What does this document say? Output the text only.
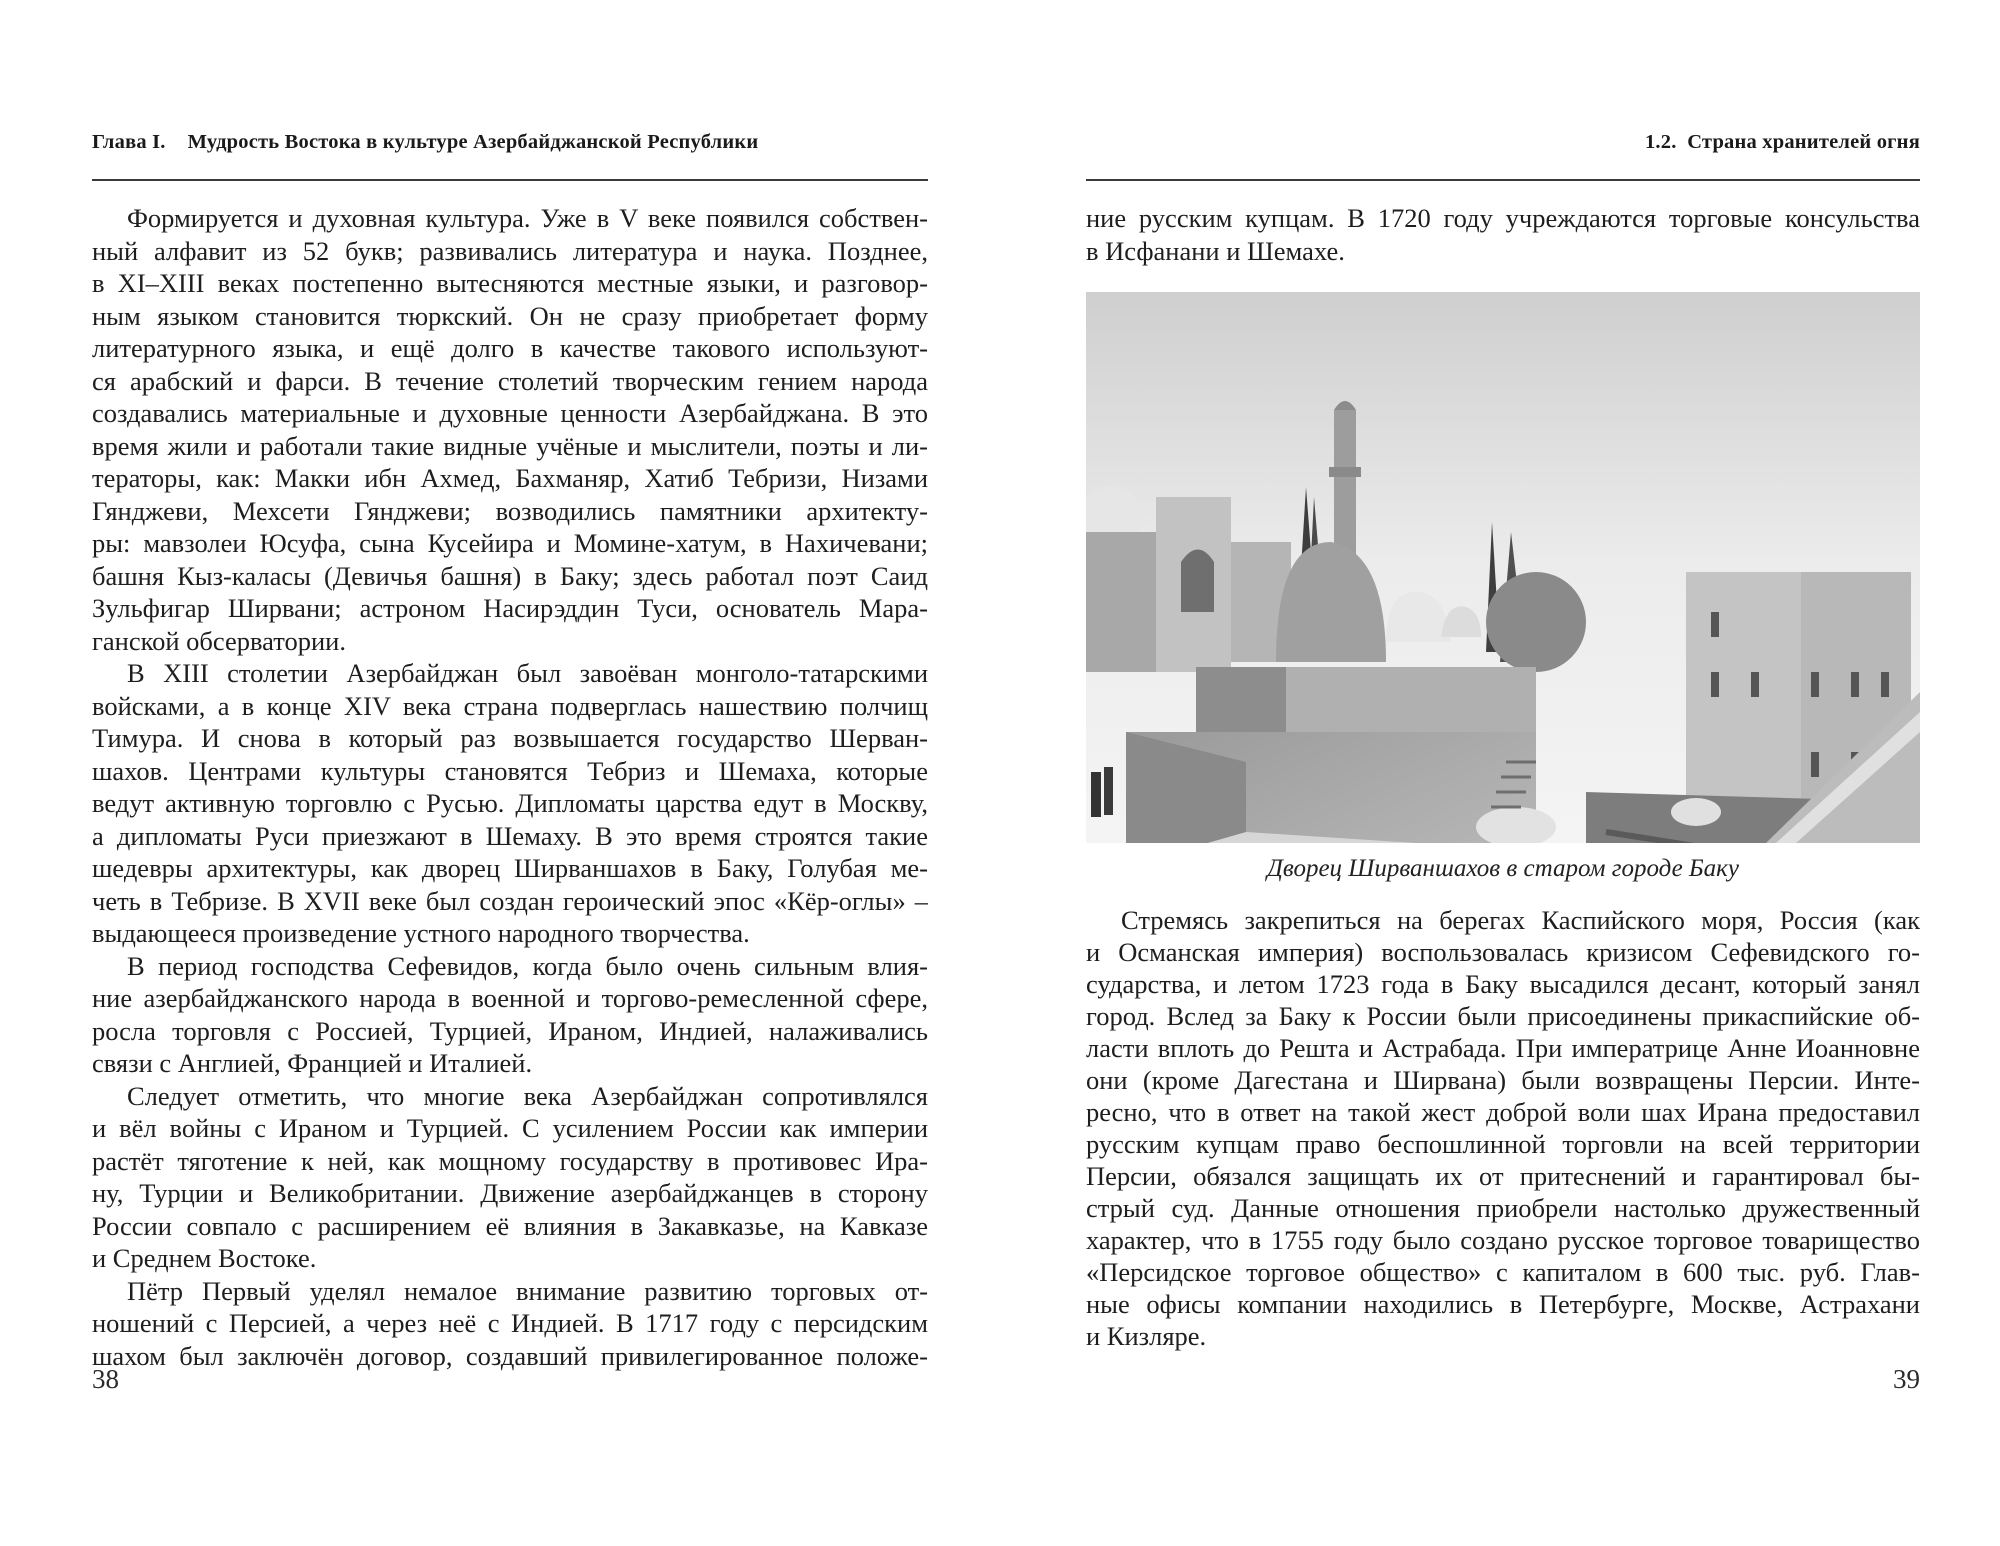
Глава I. Мудрость Востока в культуре Азербайджанской Республики
Формируется и духовная культура. Уже в V веке появился собствен-
ный алфавит из 52 букв; развивались литература и наука. Позднее,
в XI–XIII веках постепенно вытесняются местные языки, и разговор-
ным языком становится тюркский. Он не сразу приобретает форму
литературного языка, и ещё долго в качестве такового используют-
ся арабский и фарси. В течение столетий творческим гением народа
создавались материальные и духовные ценности Азербайджана. В это
время жили и работали такие видные учёные и мыслители, поэты и ли-
тераторы, как: Макки ибн Ахмед, Бахманяр, Хатиб Тебризи, Низами
Гянджеви, Мехсети Гянджеви; возводились памятники архитекту-
ры: мавзолеи Юсуфа, сына Кусейира и Момине-хатум, в Нахичевани;
башня Кыз-каласы (Девичья башня) в Баку; здесь работал поэт Саид
Зульфигар Ширвани; астроном Насирэддин Туси, основатель Мара-
ганской обсерватории.
В XIII столетии Азербайджан был завоёван монголо-татарскими
войсками, а в конце XIV века страна подверглась нашествию полчищ
Тимура. И снова в который раз возвышается государство Шерван-
шахов. Центрами культуры становятся Тебриз и Шемаха, которые
ведут активную торговлю с Русью. Дипломаты царства едут в Москву,
а дипломаты Руси приезжают в Шемаху. В это время строятся такие
шедевры архитектуры, как дворец Ширваншахов в Баку, Голубая ме-
четь в Тебризе. В XVII веке был создан героический эпос «Кёр-оглы» –
выдающееся произведение устного народного творчества.
В период господства Сефевидов, когда было очень сильным влия-
ние азербайджанского народа в военной и торгово-ремесленной сфере,
росла торговля с Россией, Турцией, Ираном, Индией, налаживались
связи с Англией, Францией и Италией.
Следует отметить, что многие века Азербайджан сопротивлялся
и вёл войны с Ираном и Турцией. С усилением России как империи
растёт тяготение к ней, как мощному государству в противовес Ира-
ну, Турции и Великобритании. Движение азербайджанцев в сторону
России совпало с расширением её влияния в Закавказье, на Кавказе
и Среднем Востоке.
Пётр Первый уделял немалое внимание развитию торговых от-
ношений с Персией, а через неё с Индией. В 1717 году с персидским
шахом был заключён договор, создавший привилегированное положе-
38
1.2. Страна хранителей огня
ние русским купцам. В 1720 году учреждаются торговые консульства
в Исфанани и Шемахе.
Дворец Ширваншахов в старом городе Баку
Стремясь закрепиться на берегах Каспийского моря, Россия (как
и Османская империя) воспользовалась кризисом Сефевидского го-
сударства, и летом 1723 года в Баку высадился десант, который занял
город. Вслед за Баку к России были присоединены прикаспийские об-
ласти вплоть до Решта и Астрабада. При императрице Анне Иоанновне
они (кроме Дагестана и Ширвана) были возвращены Персии. Инте-
ресно, что в ответ на такой жест доброй воли шах Ирана предоставил
русским купцам право беспошлинной торговли на всей территории
Персии, обязался защищать их от притеснений и гарантировал бы-
стрый суд. Данные отношения приобрели настолько дружественный
характер, что в 1755 году было создано русское торговое товарищество
«Персидское торговое общество» с капиталом в 600 тыс. руб. Глав-
ные офисы компании находились в Петербурге, Москве, Астрахани
и Кизляре.
39
